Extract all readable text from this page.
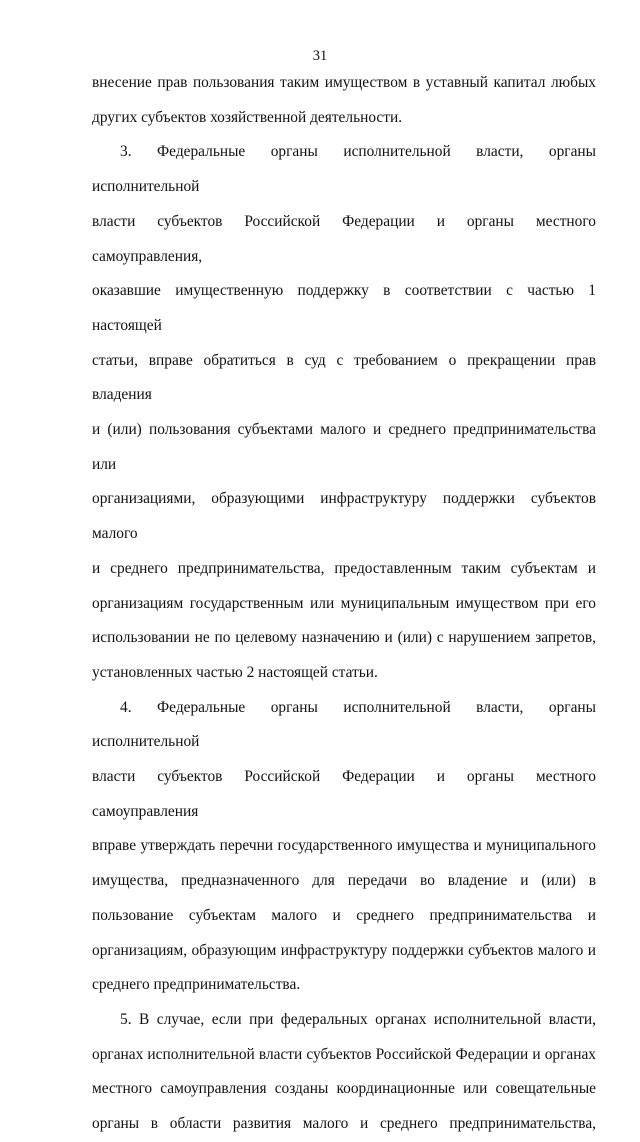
31
внесение прав пользования таким имуществом в уставный капитал любых
других субъектов хозяйственной деятельности.
3. Федеральные органы исполнительной власти, органы исполнительной
власти субъектов Российской Федерации и органы местного самоуправления,
оказавшие имущественную поддержку в соответствии с частью 1 настоящей
статьи, вправе обратиться в суд с требованием о прекращении прав владения
и (или) пользования субъектами малого и среднего предпринимательства или
организациями, образующими инфраструктуру поддержки субъектов малого
и среднего предпринимательства, предоставленным таким субъектам и
организациям государственным или муниципальным имуществом при его
использовании не по целевому назначению и (или) с нарушением запретов,
установленных частью 2 настоящей статьи.
4. Федеральные органы исполнительной власти, органы исполнительной
власти субъектов Российской Федерации и органы местного самоуправления
вправе утверждать перечни государственного имущества и муниципального
имущества, предназначенного для передачи во владение и (или) в
пользование субъектам малого и среднего предпринимательства и
организациям, образующим инфраструктуру поддержки субъектов малого и
среднего предпринимательства.
5. В случае, если при федеральных органах исполнительной власти,
органах исполнительной власти субъектов Российской Федерации и органах
местного самоуправления созданы координационные или совещательные
органы в области развития малого и среднего предпринимательства,
